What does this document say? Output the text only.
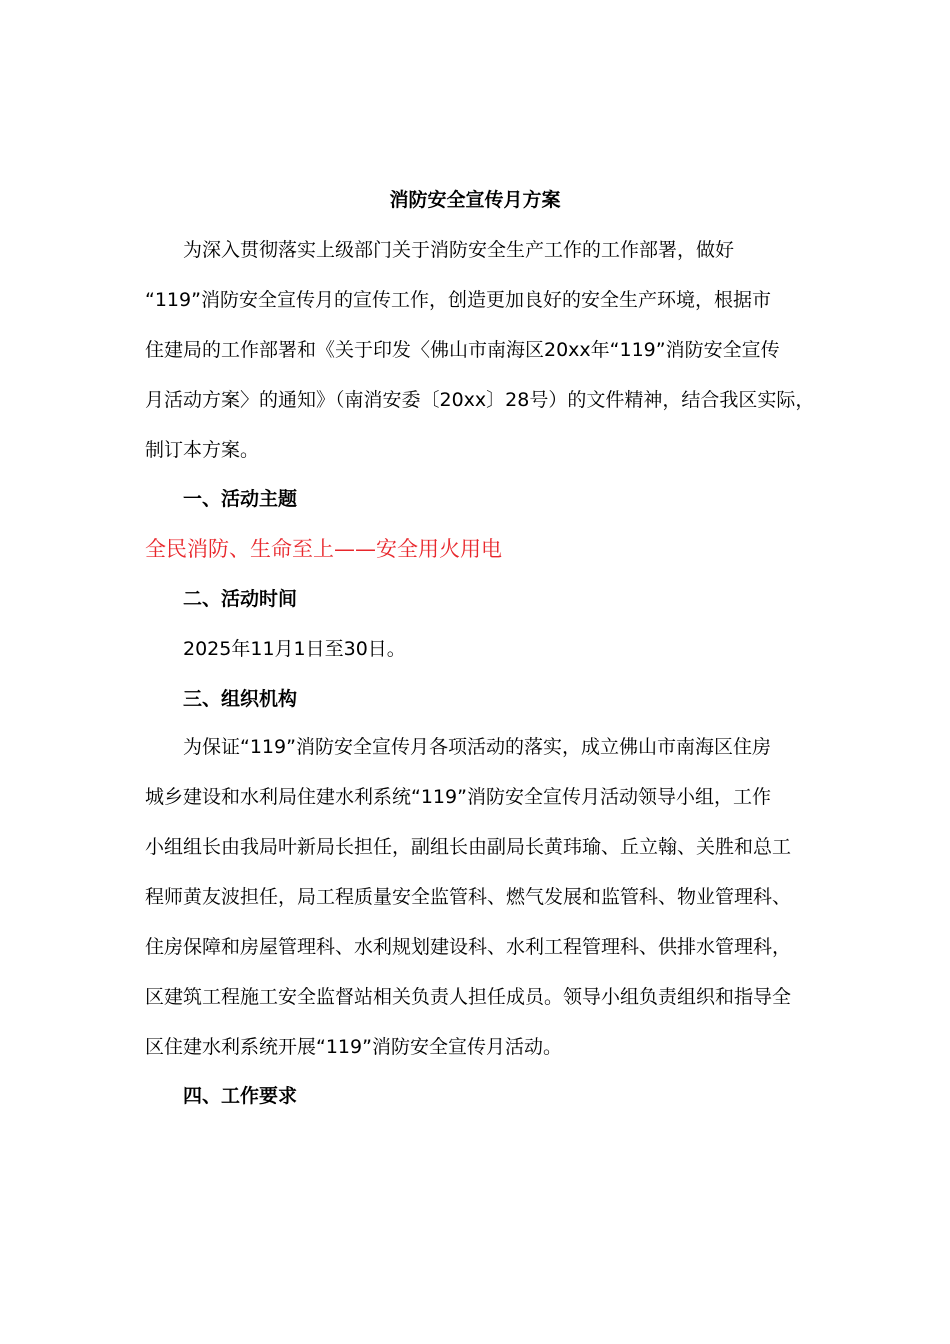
消防安全宣传月方案
为深入贯彻落实上级部门关于消防安全生产工作的工作部署，做好
“119”消防安全宣传月的宣传工作，创造更加良好的安全生产环境，根据市
住建局的工作部署和《关于印发〈佛山市南海区20xx年“119”消防安全宣传
月活动方案〉的通知》（南消安委〔20xx〕28号）的文件精神，结合我区实际，
制订本方案。
一、活动主题
全民消防、生命至上——安全用火用电
二、活动时间
2025年11月1日至30日。
三、组织机构
为保证“119”消防安全宣传月各项活动的落实，成立佛山市南海区住房
城乡建设和水利局住建水利系统“119”消防安全宣传月活动领导小组，工作
小组组长由我局叶新局长担任，副组长由副局长黄玮瑜、丘立翰、关胜和总工
程师黄友波担任，局工程质量安全监管科、燃气发展和监管科、物业管理科、
住房保障和房屋管理科、水利规划建设科、水利工程管理科、供排水管理科，
区建筑工程施工安全监督站相关负责人担任成员。领导小组负责组织和指导全
区住建水利系统开展“119”消防安全宣传月活动。
四、工作要求
